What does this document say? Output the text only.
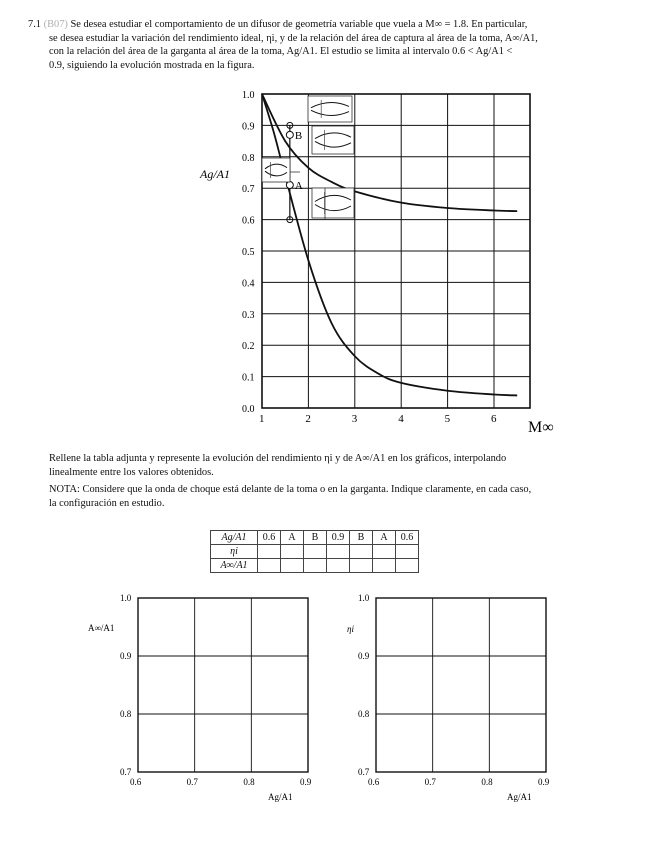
7.1 (B07) Se desea estudiar el comportamiento de un difusor de geometría variable que vuela a M∞ = 1.8. En particular,
se desea estudiar la variación del rendimiento ideal, ηi, y de la relación del área de captura al área de la toma, A∞/A1,
con la relación del área de la garganta al área de la toma, Ag/A1. El estudio se limita al intervalo 0.6 < Ag/A1 <
0.9, siguiendo la evolución mostrada en la figura.
1	2	3	4	5	6
1.0
0.9
0.8
0.7
0.6
0.5
0.4
0.3
0.2
0.1
0.0
B
A
Ag/A1
M∞
Rellene la tabla adjunta y represente la evolución del rendimiento ηi y de A∞/A1 en los gráficos, interpolando
linealmente entre los valores obtenidos.
NOTA: Considere que la onda de choque está delante de la toma o en la garganta. Indique claramente, en cada caso,
la configuración en estudio.
Ag/A1	0.6	A	B	0.9	B	A	0.6
ηi							
A∞/A1							
0.6	0.7	0.8	0.9
1.0
0.9
0.8
0.7
0.6	0.7	0.8	0.9
1.0
0.9
0.8
0.7
A∞/A1
Ag/A1
ηi
Ag/A1
